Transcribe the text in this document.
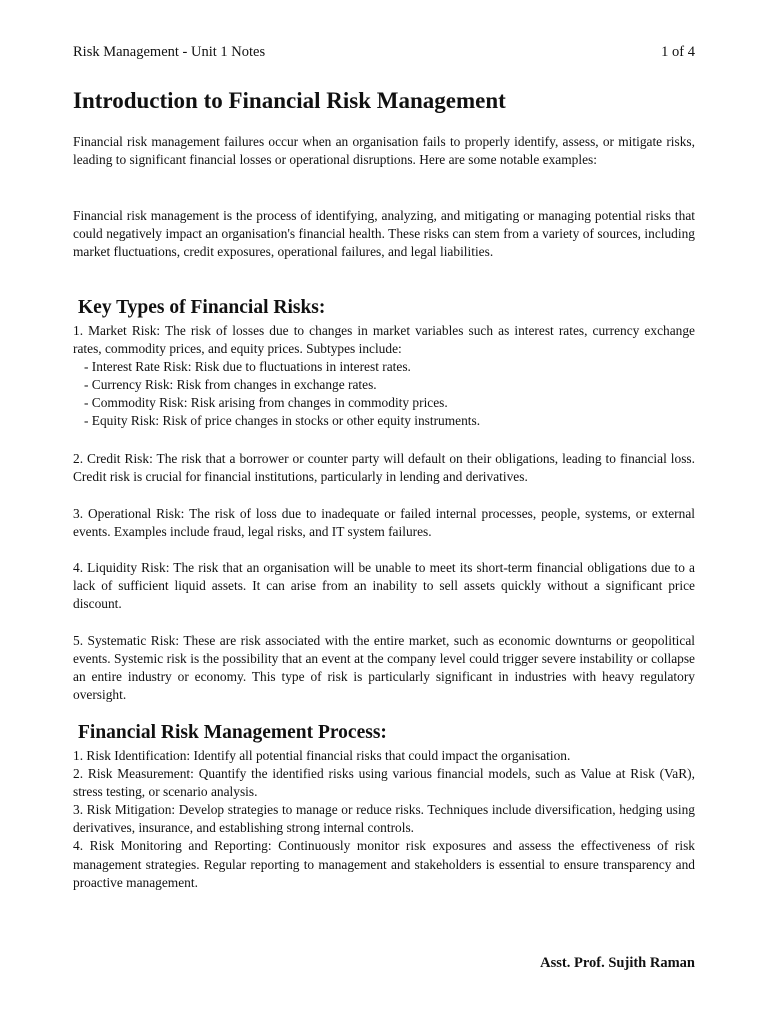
Risk Management - Unit 1 Notes	1 of 4
Introduction to Financial Risk Management

Financial risk management failures occur when an organisation fails to properly identify, assess, or mitigate risks, leading to significant financial losses or operational disruptions. Here are some notable examples:

Financial risk management is the process of identifying, analyzing, and mitigating or managing potential risks that could negatively impact an organisation's financial health. These risks can stem from a variety of sources, including market fluctuations, credit exposures, operational failures, and legal liabilities.

Key Types of Financial Risks:
1. Market Risk: The risk of losses due to changes in market variables such as interest rates, currency exchange rates, commodity prices, and equity prices. Subtypes include:
- Interest Rate Risk: Risk due to fluctuations in interest rates.
- Currency Risk: Risk from changes in exchange rates.
- Commodity Risk: Risk arising from changes in commodity prices.
- Equity Risk: Risk of price changes in stocks or other equity instruments.

2. Credit Risk: The risk that a borrower or counter party will default on their obligations, leading to financial loss. Credit risk is crucial for financial institutions, particularly in lending and derivatives.

3. Operational Risk: The risk of loss due to inadequate or failed internal processes, people, systems, or external events. Examples include fraud, legal risks, and IT system failures.

4. Liquidity Risk: The risk that an organisation will be unable to meet its short-term financial obligations due to a lack of sufficient liquid assets. It can arise from an inability to sell assets quickly without a significant price discount.

5. Systematic Risk: These are risk associated with the entire market, such as economic downturns or geopolitical events. Systemic risk is the possibility that an event at the company level could trigger severe instability or collapse an entire industry or economy. This type of risk is particularly significant in industries with heavy regulatory oversight.

Financial Risk Management Process:
1. Risk Identification: Identify all potential financial risks that could impact the organisation.
2. Risk Measurement: Quantify the identified risks using various financial models, such as Value at Risk (VaR), stress testing, or scenario analysis.
3. Risk Mitigation: Develop strategies to manage or reduce risks. Techniques include diversification, hedging using derivatives, insurance, and establishing strong internal controls.
4. Risk Monitoring and Reporting: Continuously monitor risk exposures and assess the effectiveness of risk management strategies. Regular reporting to management and stakeholders is essential to ensure transparency and proactive management.
Asst. Prof. Sujith Raman
